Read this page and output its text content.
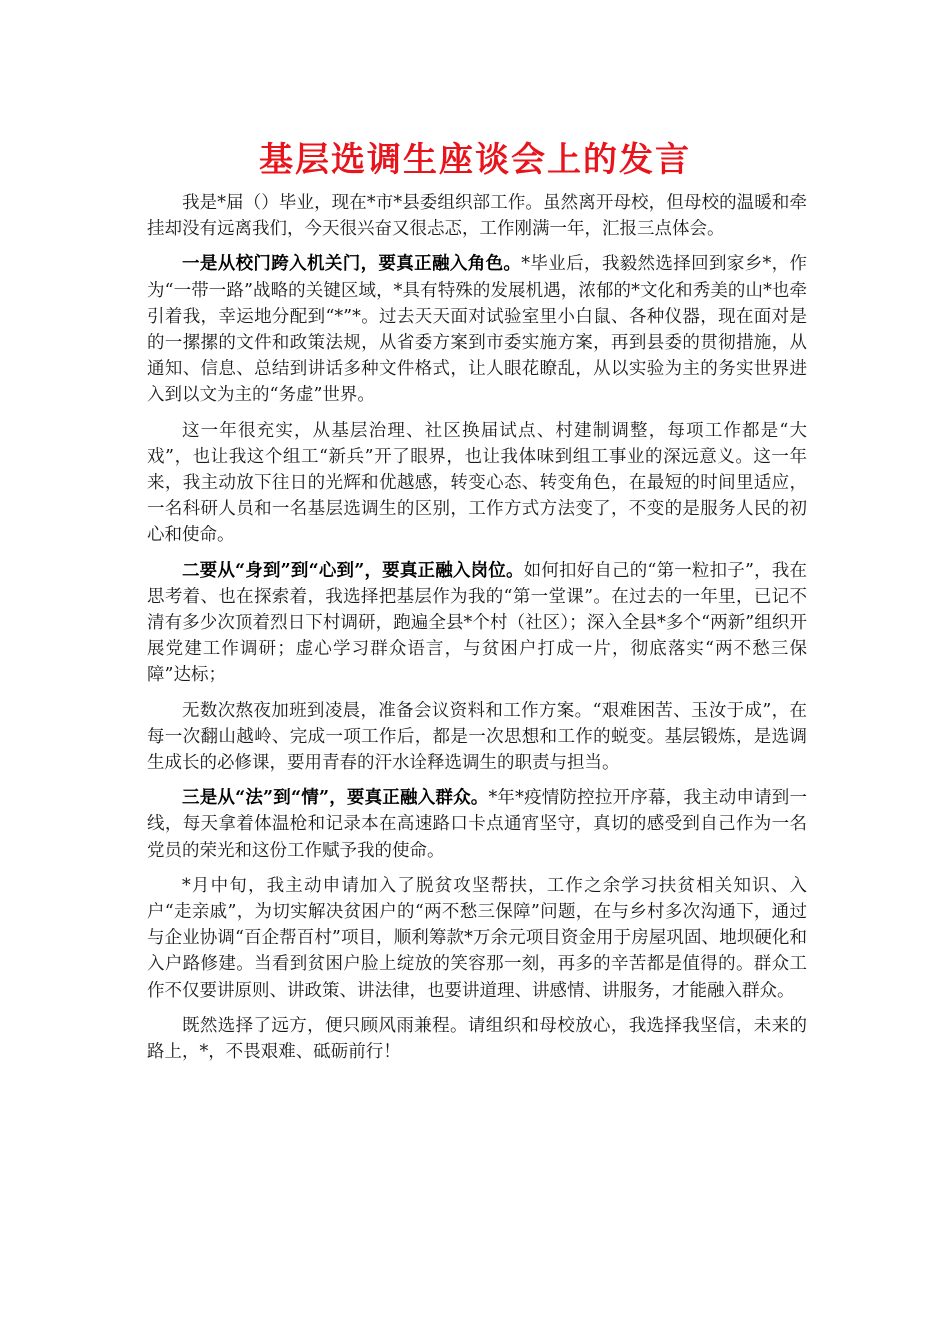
基层选调生座谈会上的发言

我是*届（）毕业，现在*市*县委组织部工作。虽然离开母校，但母校的温暖和牵挂却没有远离我们，今天很兴奋又很忐忑，工作刚满一年，汇报三点体会。

一是从校门跨入机关门，要真正融入角色。*毕业后，我毅然选择回到家乡*，作为“一带一路”战略的关键区域，*具有特殊的发展机遇，浓郁的*文化和秀美的山*也牵引着我，幸运地分配到“*”*。过去天天面对试验室里小白鼠、各种仪器，现在面对是的一摞摞的文件和政策法规，从省委方案到市委实施方案，再到县委的贯彻措施，从通知、信息、总结到讲话多种文件格式，让人眼花瞭乱，从以实验为主的务实世界进入到以文为主的“务虚”世界。

这一年很充实，从基层治理、社区换届试点、村建制调整，每项工作都是“大戏”，也让我这个组工“新兵”开了眼界，也让我体味到组工事业的深远意义。这一年来，我主动放下往日的光辉和优越感，转变心态、转变角色，在最短的时间里适应，一名科研人员和一名基层选调生的区别，工作方式方法变了，不变的是服务人民的初心和使命。

二要从“身到”到“心到”，要真正融入岗位。如何扣好自己的“第一粒扣子”，我在思考着、也在探索着，我选择把基层作为我的“第一堂课”。在过去的一年里，已记不清有多少次顶着烈日下村调研，跑遍全县*个村（社区）；深入全县*多个“两新”组织开展党建工作调研；虚心学习群众语言，与贫困户打成一片，彻底落实“两不愁三保障”达标；

无数次熬夜加班到凌晨，准备会议资料和工作方案。“艰难困苦、玉汝于成”，在每一次翻山越岭、完成一项工作后，都是一次思想和工作的蜕变。基层锻炼，是选调生成长的必修课，要用青春的汗水诠释选调生的职责与担当。

三是从“法”到“情”，要真正融入群众。*年*疫情防控拉开序幕，我主动申请到一线，每天拿着体温枪和记录本在高速路口卡点通宵坚守，真切的感受到自己作为一名党员的荣光和这份工作赋予我的使命。

*月中旬，我主动申请加入了脱贫攻坚帮扶，工作之余学习扶贫相关知识、入户“走亲戚”，为切实解决贫困户的“两不愁三保障”问题，在与乡村多次沟通下，通过与企业协调“百企帮百村”项目，顺利筹款*万余元项目资金用于房屋巩固、地坝硬化和入户路修建。当看到贫困户脸上绽放的笑容那一刻，再多的辛苦都是值得的。群众工作不仅要讲原则、讲政策、讲法律，也要讲道理、讲感情、讲服务，才能融入群众。

既然选择了远方，便只顾风雨兼程。请组织和母校放心，我选择我坚信，未来的路上，*，不畏艰难、砥砺前行！
